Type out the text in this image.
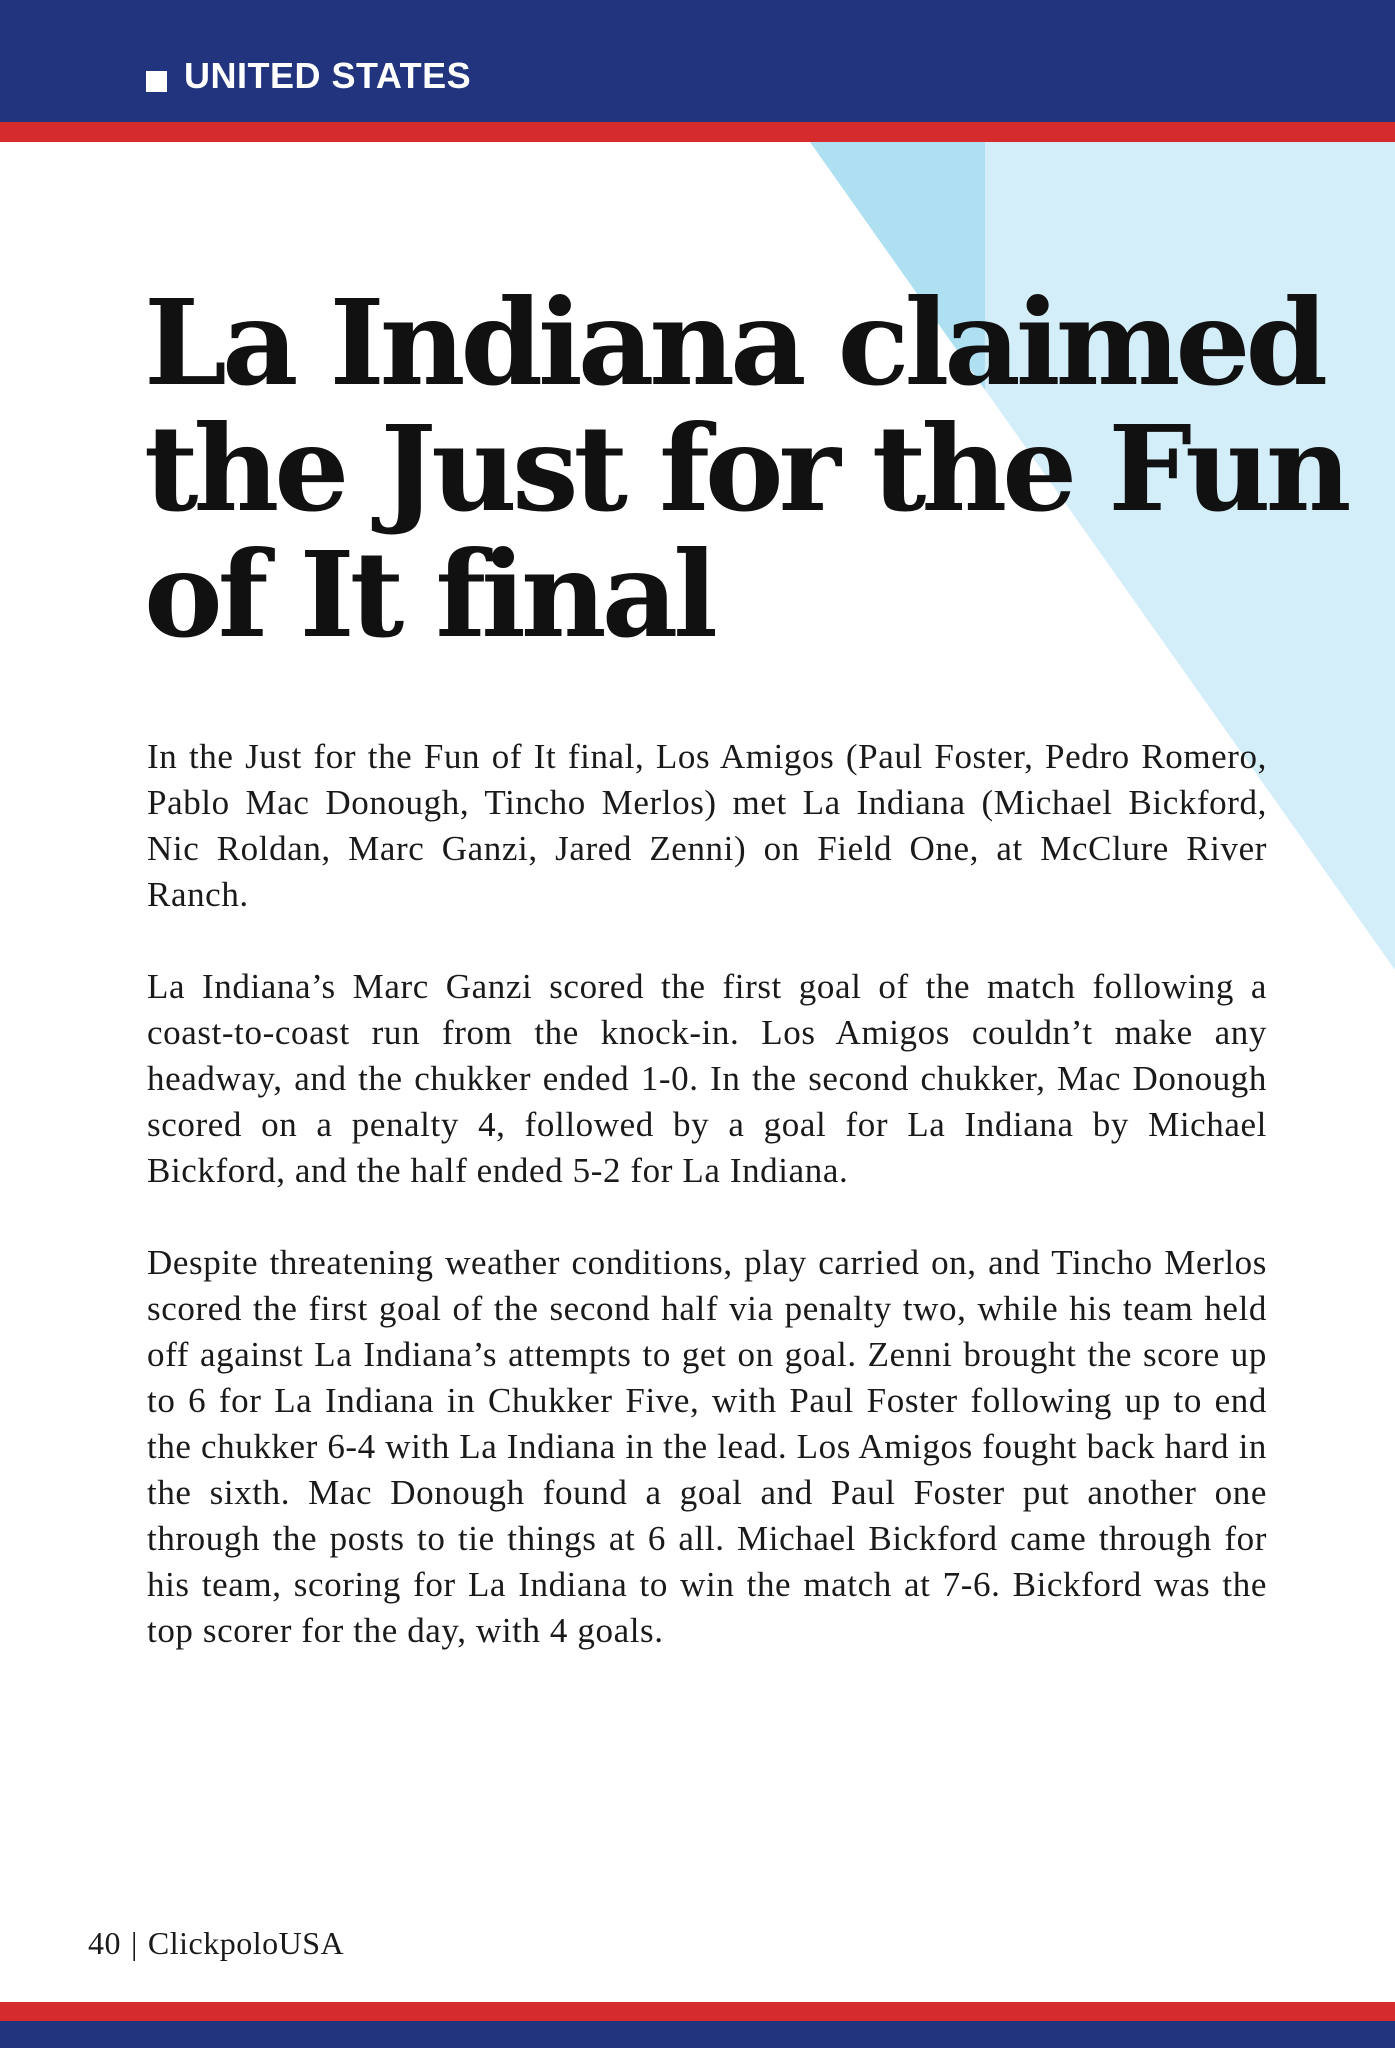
UNITED STATES
La Indiana claimed
the Just for the Fun
of It final

In the Just for the Fun of It final, Los Amigos (Paul Foster, Pedro Romero, Pablo Mac Donough, Tincho Merlos) met La Indiana (Michael Bickford, Nic Roldan, Marc Ganzi, Jared Zenni) on Field One, at McClure River Ranch.

La Indiana’s Marc Ganzi scored the first goal of the match following a coast-to-coast run from the knock-in. Los Amigos couldn’t make any headway, and the chukker ended 1-0. In the second chukker, Mac Donough scored on a penalty 4, followed by a goal for La Indiana by Michael Bickford, and the half ended 5-2 for La Indiana.

Despite threatening weather conditions, play carried on, and Tincho Merlos scored the first goal of the second half via penalty two, while his team held off against La Indiana’s attempts to get on goal. Zenni brought the score up to 6 for La Indiana in Chukker Five, with Paul Foster following up to end the chukker 6-4 with La Indiana in the lead. Los Amigos fought back hard in the sixth. Mac Donough found a goal and Paul Foster put another one through the posts to tie things at 6 all. Michael Bickford came through for his team, scoring for La Indiana to win the match at 7-6. Bickford was the top scorer for the day, with 4 goals.

40 | ClickpoloUSA
